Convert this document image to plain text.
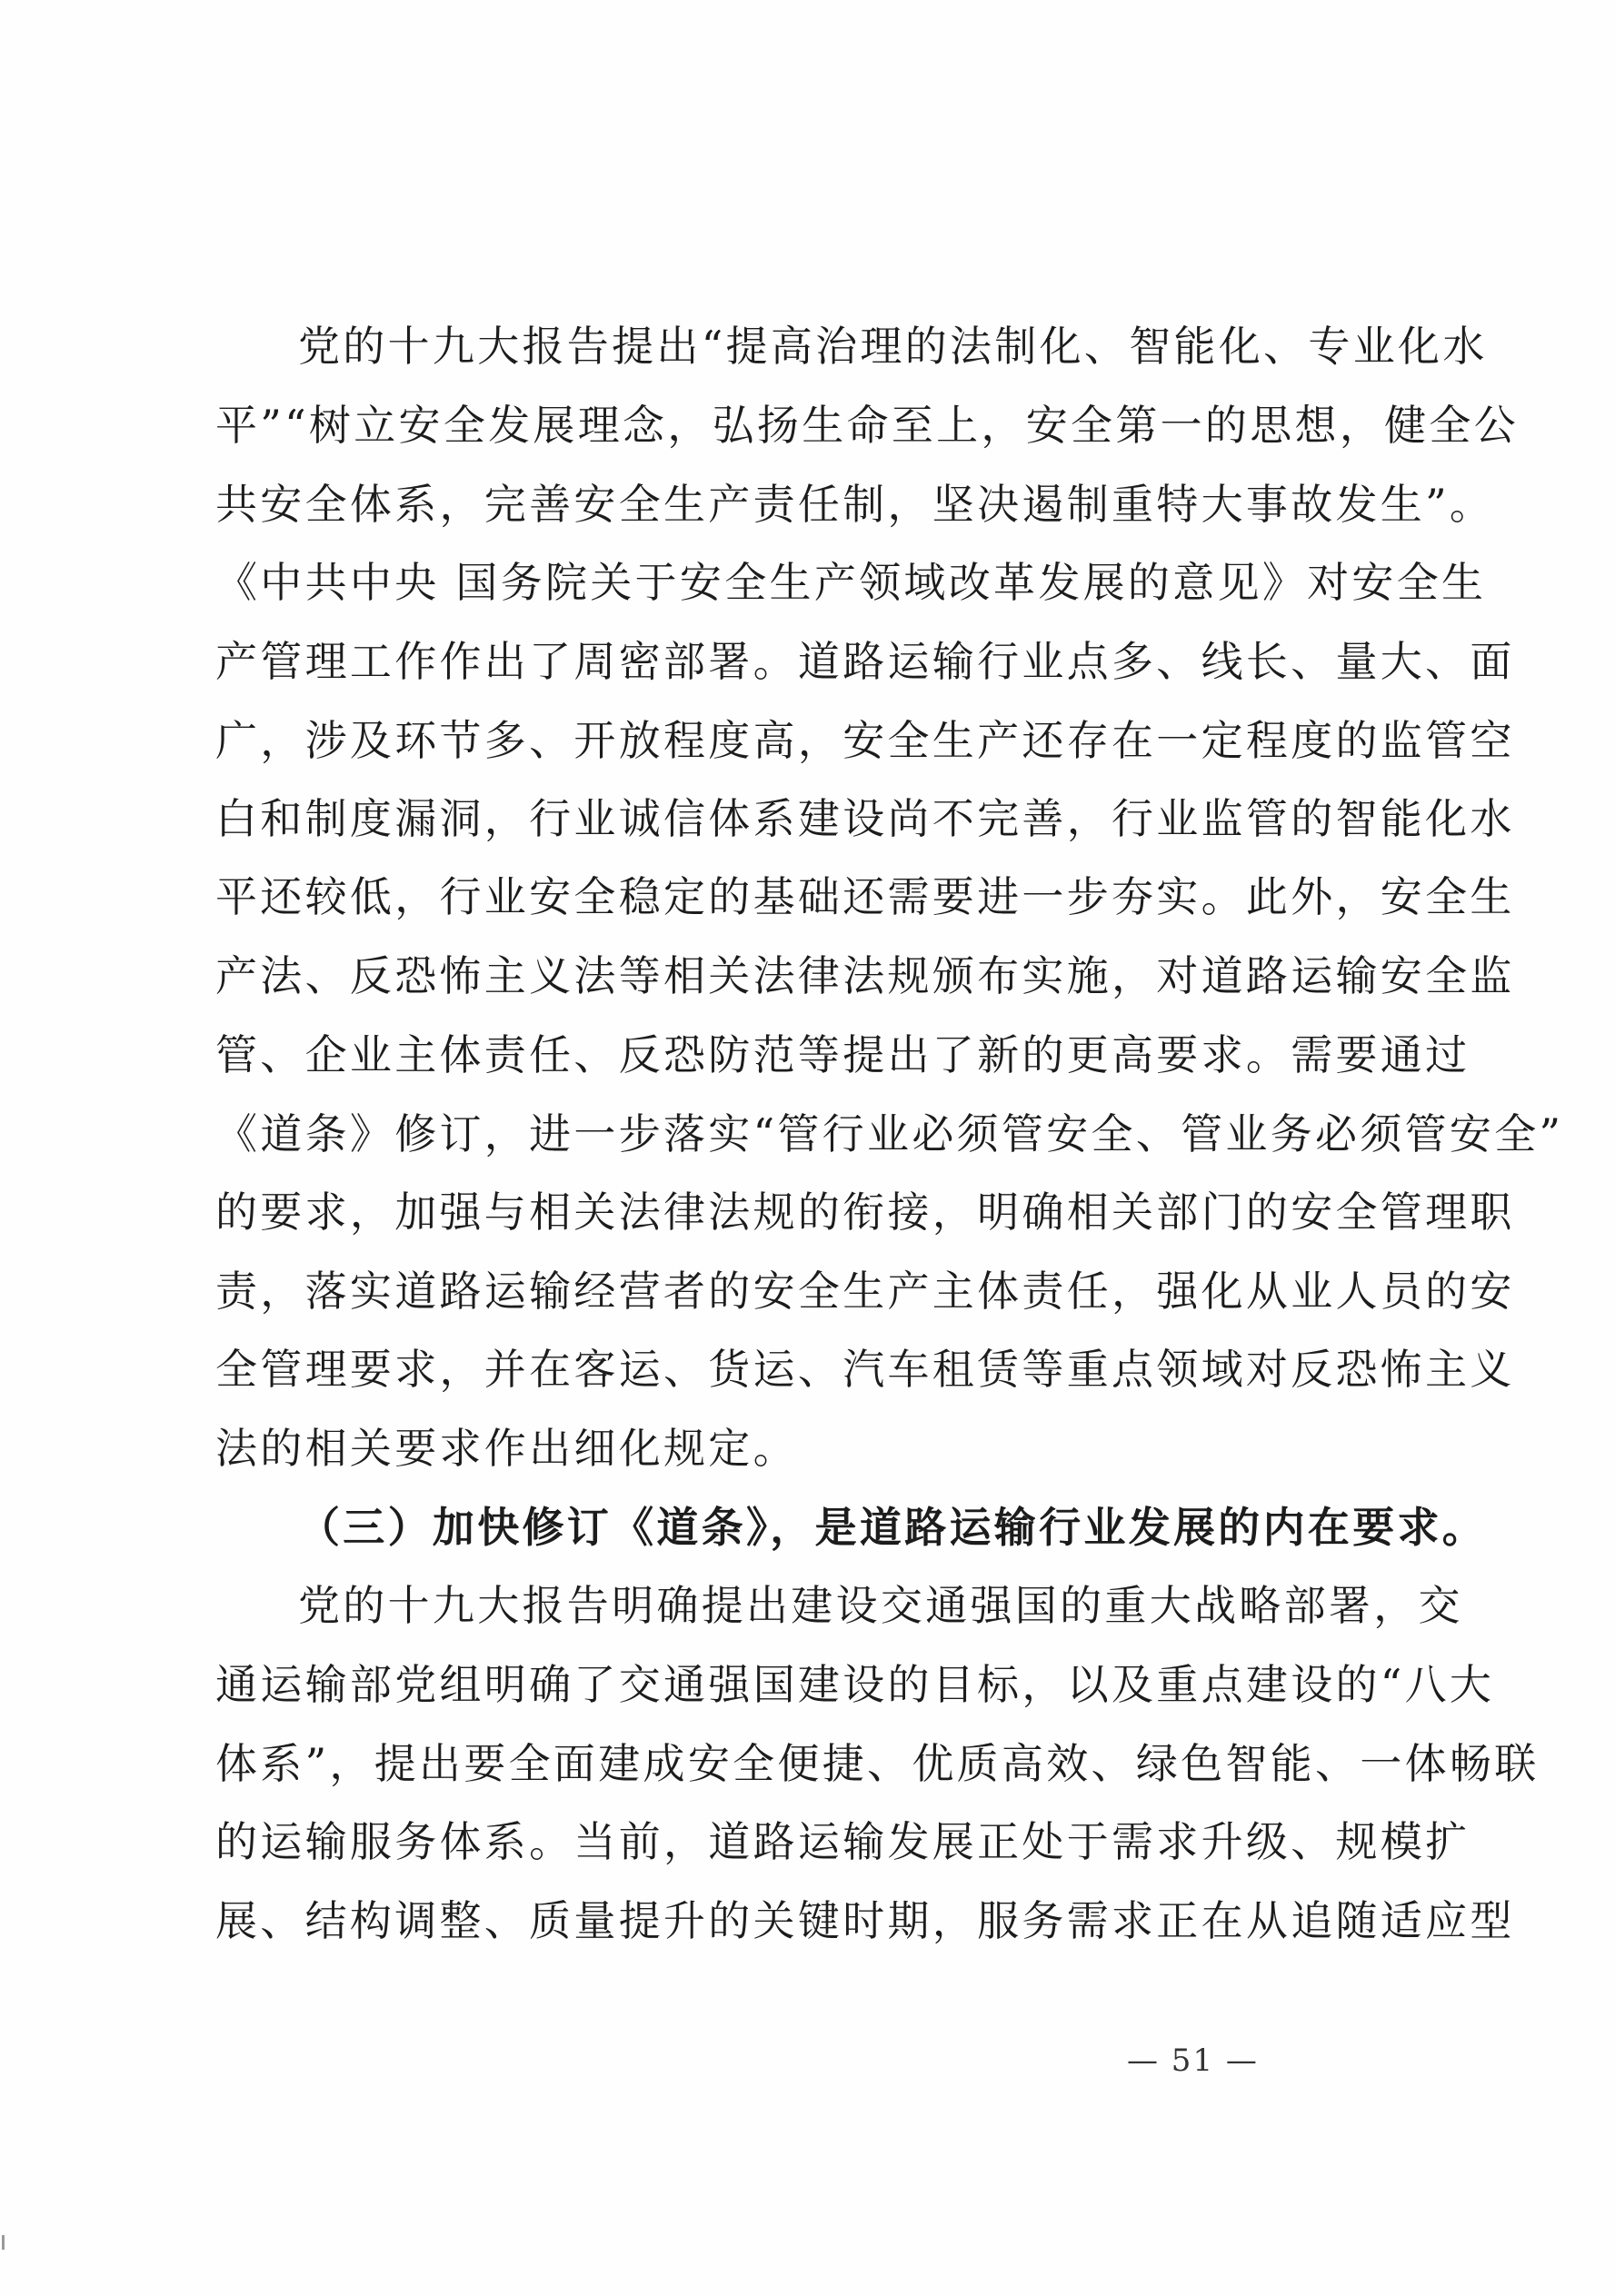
党的十九大报告提出“提高治理的法制化、智能化、专业化水
平”“树立安全发展理念，弘扬生命至上，安全第一的思想，健全公
共安全体系，完善安全生产责任制，坚决遏制重特大事故发生”。
《中共中央 国务院关于安全生产领域改革发展的意见》对安全生
产管理工作作出了周密部署。道路运输行业点多、线长、量大、面
广，涉及环节多、开放程度高，安全生产还存在一定程度的监管空
白和制度漏洞，行业诚信体系建设尚不完善，行业监管的智能化水
平还较低，行业安全稳定的基础还需要进一步夯实。此外，安全生
产法、反恐怖主义法等相关法律法规颁布实施，对道路运输安全监
管、企业主体责任、反恐防范等提出了新的更高要求。需要通过
《道条》修订，进一步落实“管行业必须管安全、管业务必须管安全”
的要求，加强与相关法律法规的衔接，明确相关部门的安全管理职
责，落实道路运输经营者的安全生产主体责任，强化从业人员的安
全管理要求，并在客运、货运、汽车租赁等重点领域对反恐怖主义
法的相关要求作出细化规定。
（三）加快修订《道条》，是道路运输行业发展的内在要求。
党的十九大报告明确提出建设交通强国的重大战略部署，交
通运输部党组明确了交通强国建设的目标，以及重点建设的“八大
体系”，提出要全面建成安全便捷、优质高效、绿色智能、一体畅联
的运输服务体系。当前，道路运输发展正处于需求升级、规模扩
展、结构调整、质量提升的关键时期，服务需求正在从追随适应型
— 51 —
